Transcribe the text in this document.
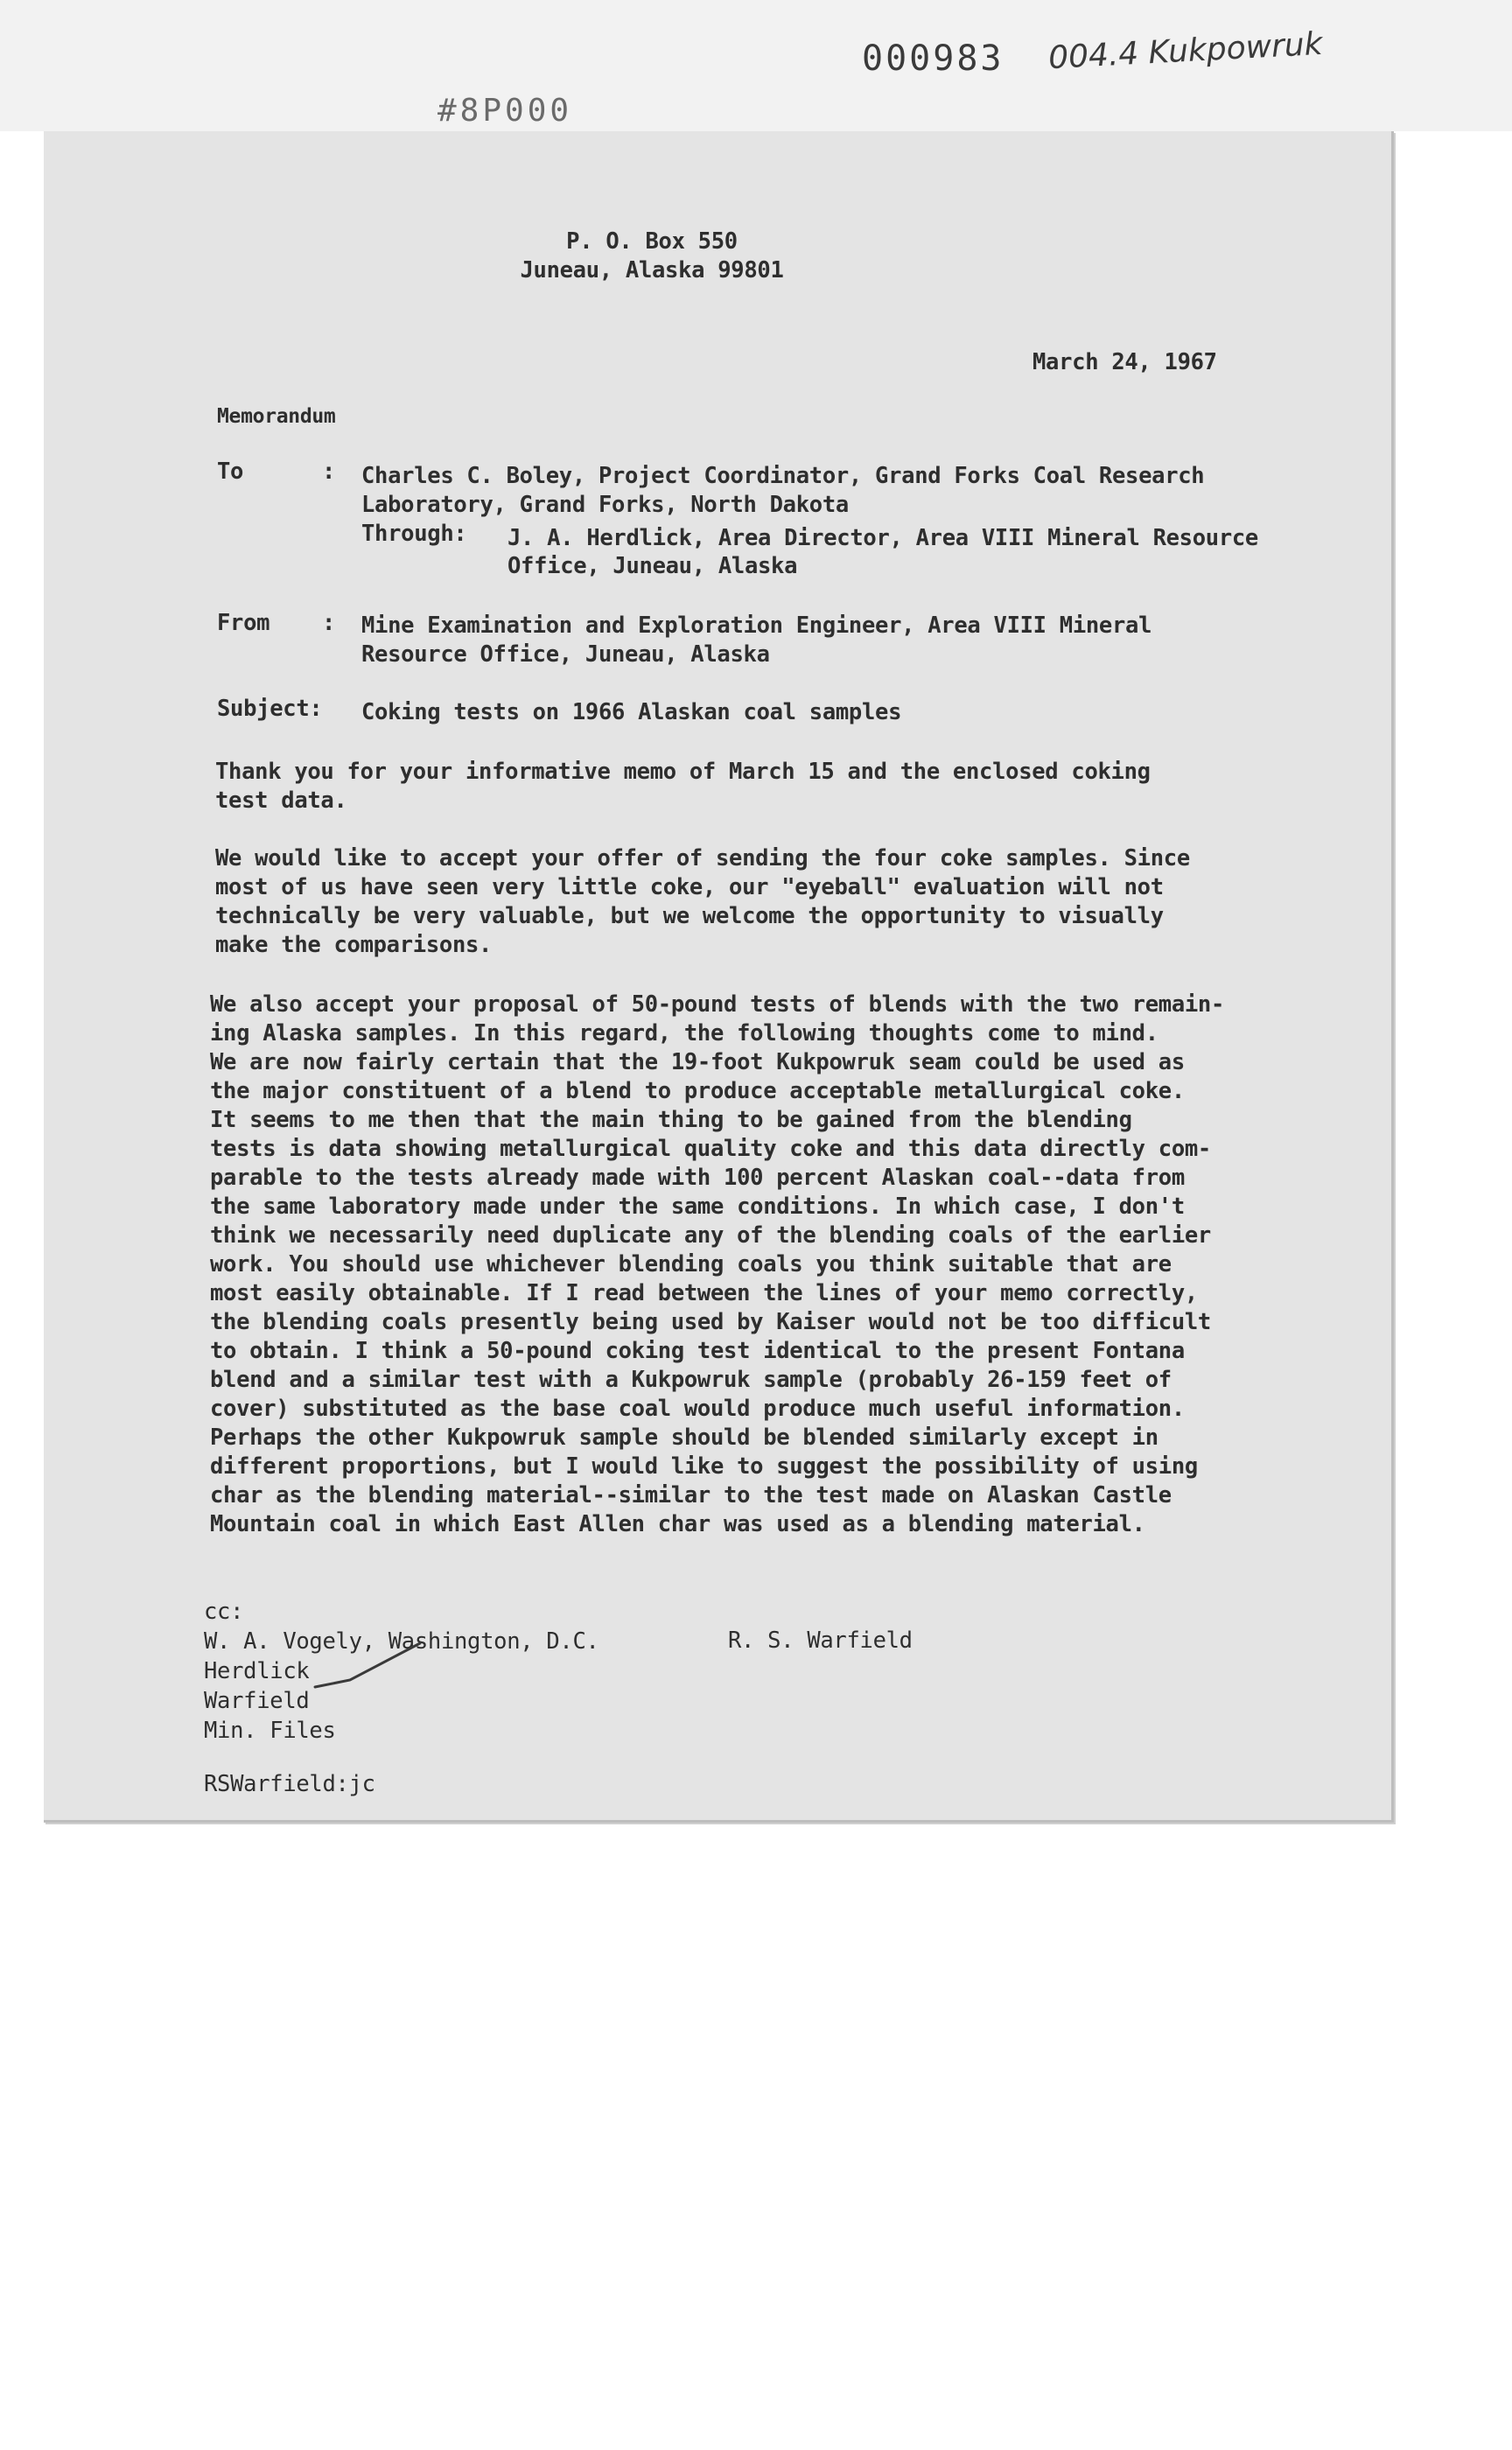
000983 004.4 Kukpowruk
#8P000
P. O. Box 550
Juneau, Alaska 99801
March 24, 1967
Memorandum
To	: Charles C. Boley, Project Coordinator, Grand Forks Coal Research
Laboratory, Grand Forks, North Dakota
Through: J. A. Herdlick, Area Director, Area VIII Mineral Resource
Office, Juneau, Alaska
From : Mine Examination and Exploration Engineer, Area VIII Mineral
Resource Office, Juneau, Alaska
Subject: Coking tests on 1966 Alaskan coal samples
Thank you for your informative memo of March 15 and the enclosed coking
test data.
We would like to accept your offer of sending the four coke samples. Since
most of us have seen very little coke, our "eyeball" evaluation will not
technically be very valuable, but we welcome the opportunity to visually
make the comparisons.
We also accept your proposal of 50-pound tests of blends with the two remain-
ing Alaska samples. In this regard, the following thoughts come to mind.
We are now fairly certain that the 19-foot Kukpowruk seam could be used as
the major constituent of a blend to produce acceptable metallurgical coke.
It seems to me then that the main thing to be gained from the blending
tests is data showing metallurgical quality coke and this data directly com-
parable to the tests already made with 100 percent Alaskan coal--data from
the same laboratory made under the same conditions. In which case, I don't
think we necessarily need duplicate any of the blending coals of the earlier
work. You should use whichever blending coals you think suitable that are
most easily obtainable. If I read between the lines of your memo correctly,
the blending coals presently being used by Kaiser would not be too difficult
to obtain. I think a 50-pound coking test identical to the present Fontana
blend and a similar test with a Kukpowruk sample (probably 26-159 feet of
cover) substituted as the base coal would produce much useful information.
Perhaps the other Kukpowruk sample should be blended similarly except in
different proportions, but I would like to suggest the possibility of using
char as the blending material--similar to the test made on Alaskan Castle
Mountain coal in which East Allen char was used as a blending material.
cc:
W. A. Vogely, Washington, D.C.
Herdlick
Warfield
Min. Files
R. S. Warfield
RSWarfield:jc
